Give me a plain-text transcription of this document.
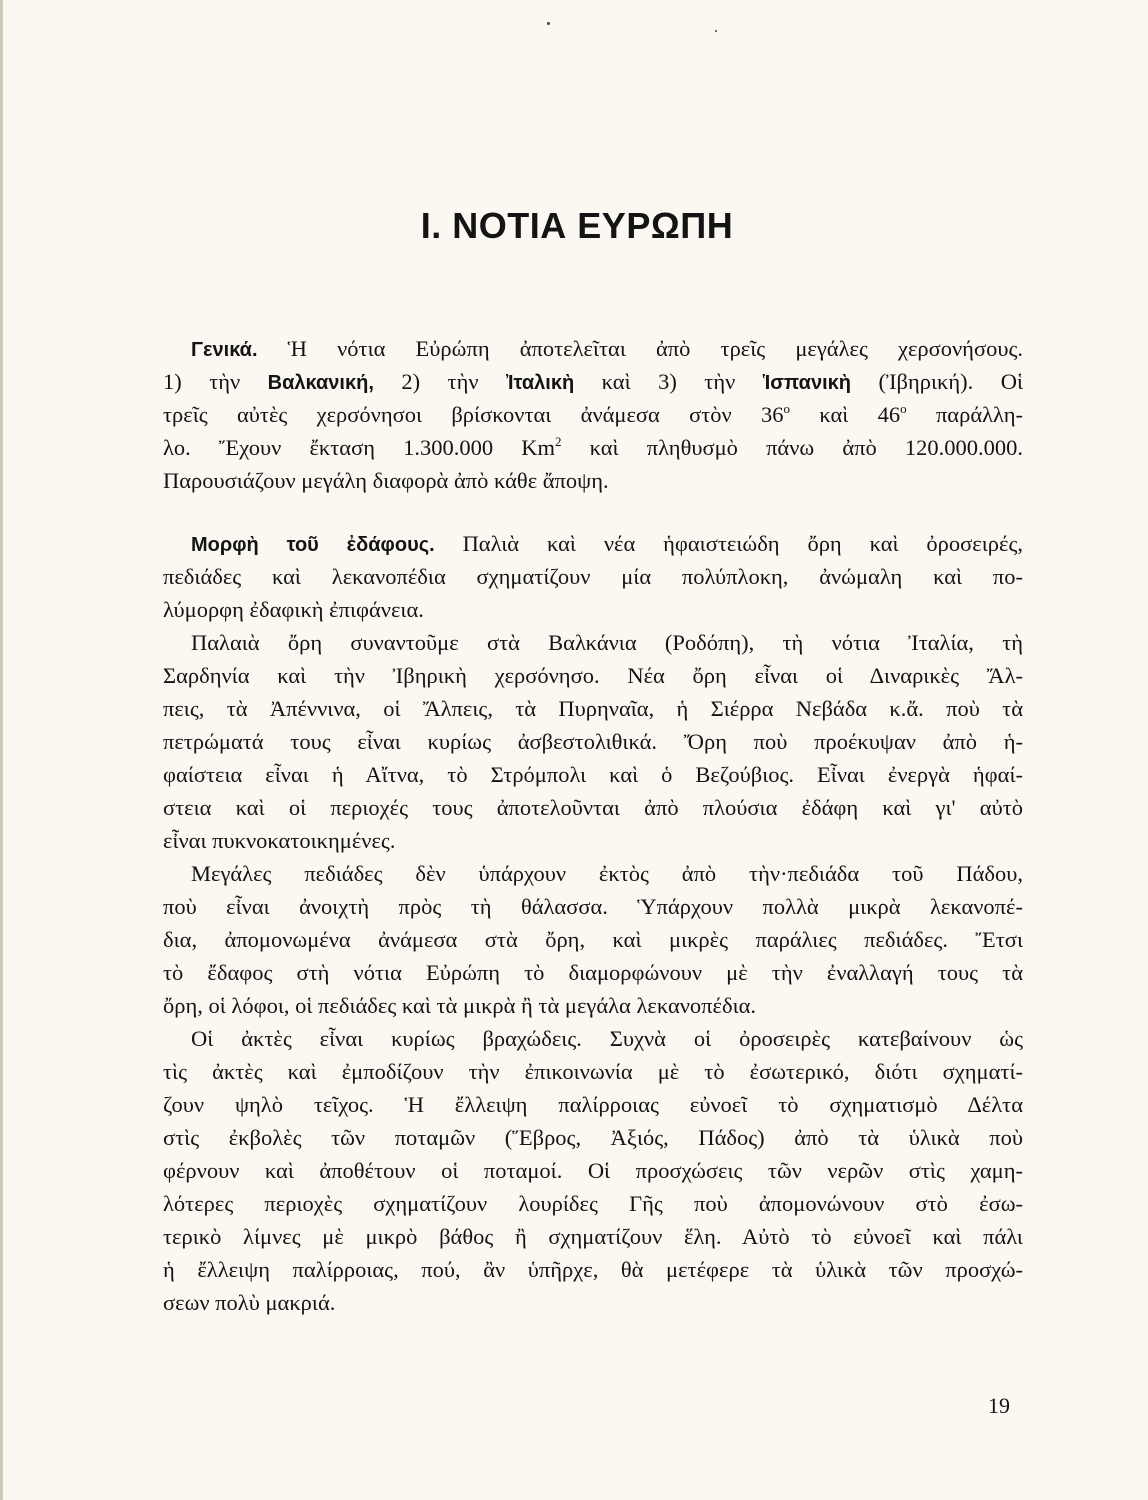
I. ΝΟΤΙΑ ΕΥΡΩΠΗ
Γενικά. Ἡ νότια Εὐρώπη ἀποτελεῖται ἀπὸ τρεῖς μεγάλες χερσονήσους.
1) τὴν Βαλκανική, 2) τὴν Ἰταλικὴ καὶ 3) τὴν Ἱσπανικὴ (Ἰβηρική). Οἱ
τρεῖς αὐτὲς χερσόνησοι βρίσκονται ἀνάμεσα στὸν $36^o$ καὶ $46^o$ παράλλη-
λο. Ἔχουν ἔκταση 1.300.000 Km$^2$ καὶ πληθυσμὸ πάνω ἀπὸ 120.000.000.
Παρουσιάζουν μεγάλη διαφορὰ ἀπὸ κάθε ἄποψη.
Μορφὴ τοῦ ἐδάφους. Παλιὰ καὶ νέα ἡφαιστειώδη ὄρη καὶ ὀροσειρές,
πεδιάδες καὶ λεκανοπέδια σχηματίζουν μία πολύπλοκη, ἀνώμαλη καὶ πο-
λύμορφη ἐδαφικὴ ἐπιφάνεια.
Παλαιὰ ὄρη συναντοῦμε στὰ Βαλκάνια (Ροδόπη), τὴ νότια Ἰταλία, τὴ
Σαρδηνία καὶ τὴν Ἰβηρικὴ χερσόνησο. Νέα ὄρη εἶναι οἱ Διναρικὲς Ἄλ-
πεις, τὰ Ἀπέννινα, οἱ Ἄλπεις, τὰ Πυρηναῖα, ἡ Σιέρρα Νεβάδα κ.ἄ. ποὺ τὰ
πετρώματά τους εἶναι κυρίως ἀσβεστολιθικά. Ὄρη ποὺ προέκυψαν ἀπὸ ἡ-
φαίστεια εἶναι ἡ Αἴτνα, τὸ Στρόμπολι καὶ ὁ Βεζούβιος. Εἶναι ἐνεργὰ ἡφαί-
στεια καὶ οἱ περιοχές τους ἀποτελοῦνται ἀπὸ πλούσια ἐδάφη καὶ γι' αὐτὸ
εἶναι πυκνοκατοικημένες.
Μεγάλες πεδιάδες δὲν ὑπάρχουν ἐκτὸς ἀπὸ τὴν·πεδιάδα τοῦ Πάδου,
ποὺ εἶναι ἀνοιχτὴ πρὸς τὴ θάλασσα. Ὑπάρχουν πολλὰ μικρὰ λεκανοπέ-
δια, ἀπομονωμένα ἀνάμεσα στὰ ὄρη, καὶ μικρὲς παράλιες πεδιάδες. Ἔτσι
τὸ ἔδαφος στὴ νότια Εὐρώπη τὸ διαμορφώνουν μὲ τὴν ἐναλλαγή τους τὰ
ὄρη, οἱ λόφοι, οἱ πεδιάδες καὶ τὰ μικρὰ ἢ τὰ μεγάλα λεκανοπέδια.
Οἱ ἀκτὲς εἶναι κυρίως βραχώδεις. Συχνὰ οἱ ὀροσειρὲς κατεβαίνουν ὡς
τὶς ἀκτὲς καὶ ἐμποδίζουν τὴν ἐπικοινωνία μὲ τὸ ἐσωτερικό, διότι σχηματί-
ζουν ψηλὸ τεῖχος. Ἡ ἔλλειψη παλίρροιας εὐνοεῖ τὸ σχηματισμὸ Δέλτα
στὶς ἐκβολὲς τῶν ποταμῶν (Ἕβρος, Ἀξιός, Πάδος) ἀπὸ τὰ ὑλικὰ ποὺ
φέρνουν καὶ ἀποθέτουν οἱ ποταμοί. Οἱ προσχώσεις τῶν νερῶν στὶς χαμη-
λότερες περιοχὲς σχηματίζουν λουρίδες Γῆς ποὺ ἀπομονώνουν στὸ ἐσω-
τερικὸ λίμνες μὲ μικρὸ βάθος ἢ σχηματίζουν ἕλη. Αὐτὸ τὸ εὐνοεῖ καὶ πάλι
ἡ ἔλλειψη παλίρροιας, πού, ἂν ὑπῆρχε, θὰ μετέφερε τὰ ὑλικὰ τῶν προσχώ-
σεων πολὺ μακριά.
19
